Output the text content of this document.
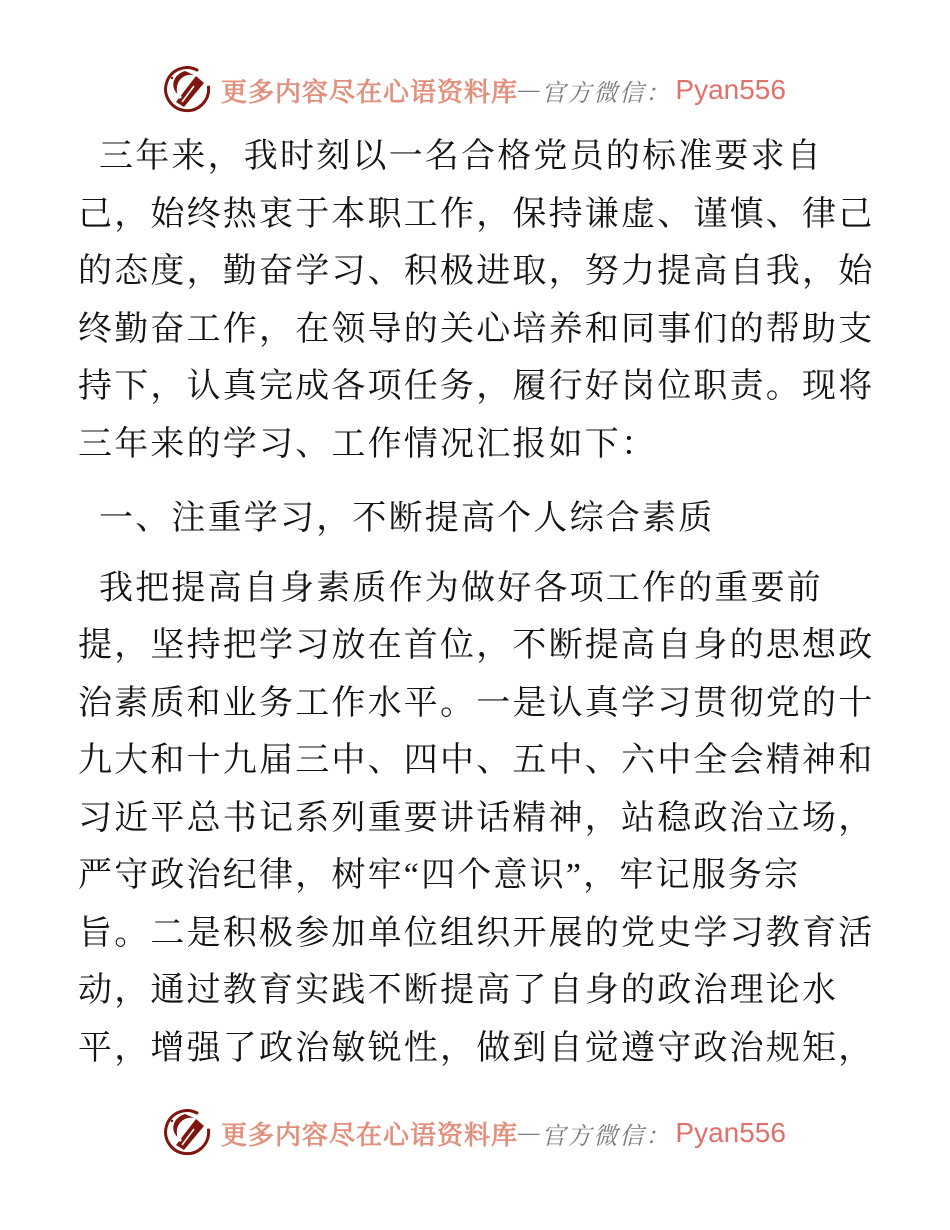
更多内容尽在心语资料库 — 官方微信： Pyan556
三年来，我时刻以一名合格党员的标准要求自
己，始终热衷于本职工作，保持谦虚、谨慎、律己
的态度，勤奋学习、积极进取，努力提高自我，始
终勤奋工作，在领导的关心培养和同事们的帮助支
持下，认真完成各项任务，履行好岗位职责。现将
三年来的学习、工作情况汇报如下：
一、注重学习，不断提高个人综合素质
我把提高自身素质作为做好各项工作的重要前
提，坚持把学习放在首位，不断提高自身的思想政
治素质和业务工作水平。一是认真学习贯彻党的十
九大和十九届三中、四中、五中、六中全会精神和
习近平总书记系列重要讲话精神，站稳政治立场，
严守政治纪律，树牢“四个意识”，牢记服务宗
旨。二是积极参加单位组织开展的党史学习教育活
动，通过教育实践不断提高了自身的政治理论水
平，增强了政治敏锐性，做到自觉遵守政治规矩，
更多内容尽在心语资料库 — 官方微信： Pyan556
